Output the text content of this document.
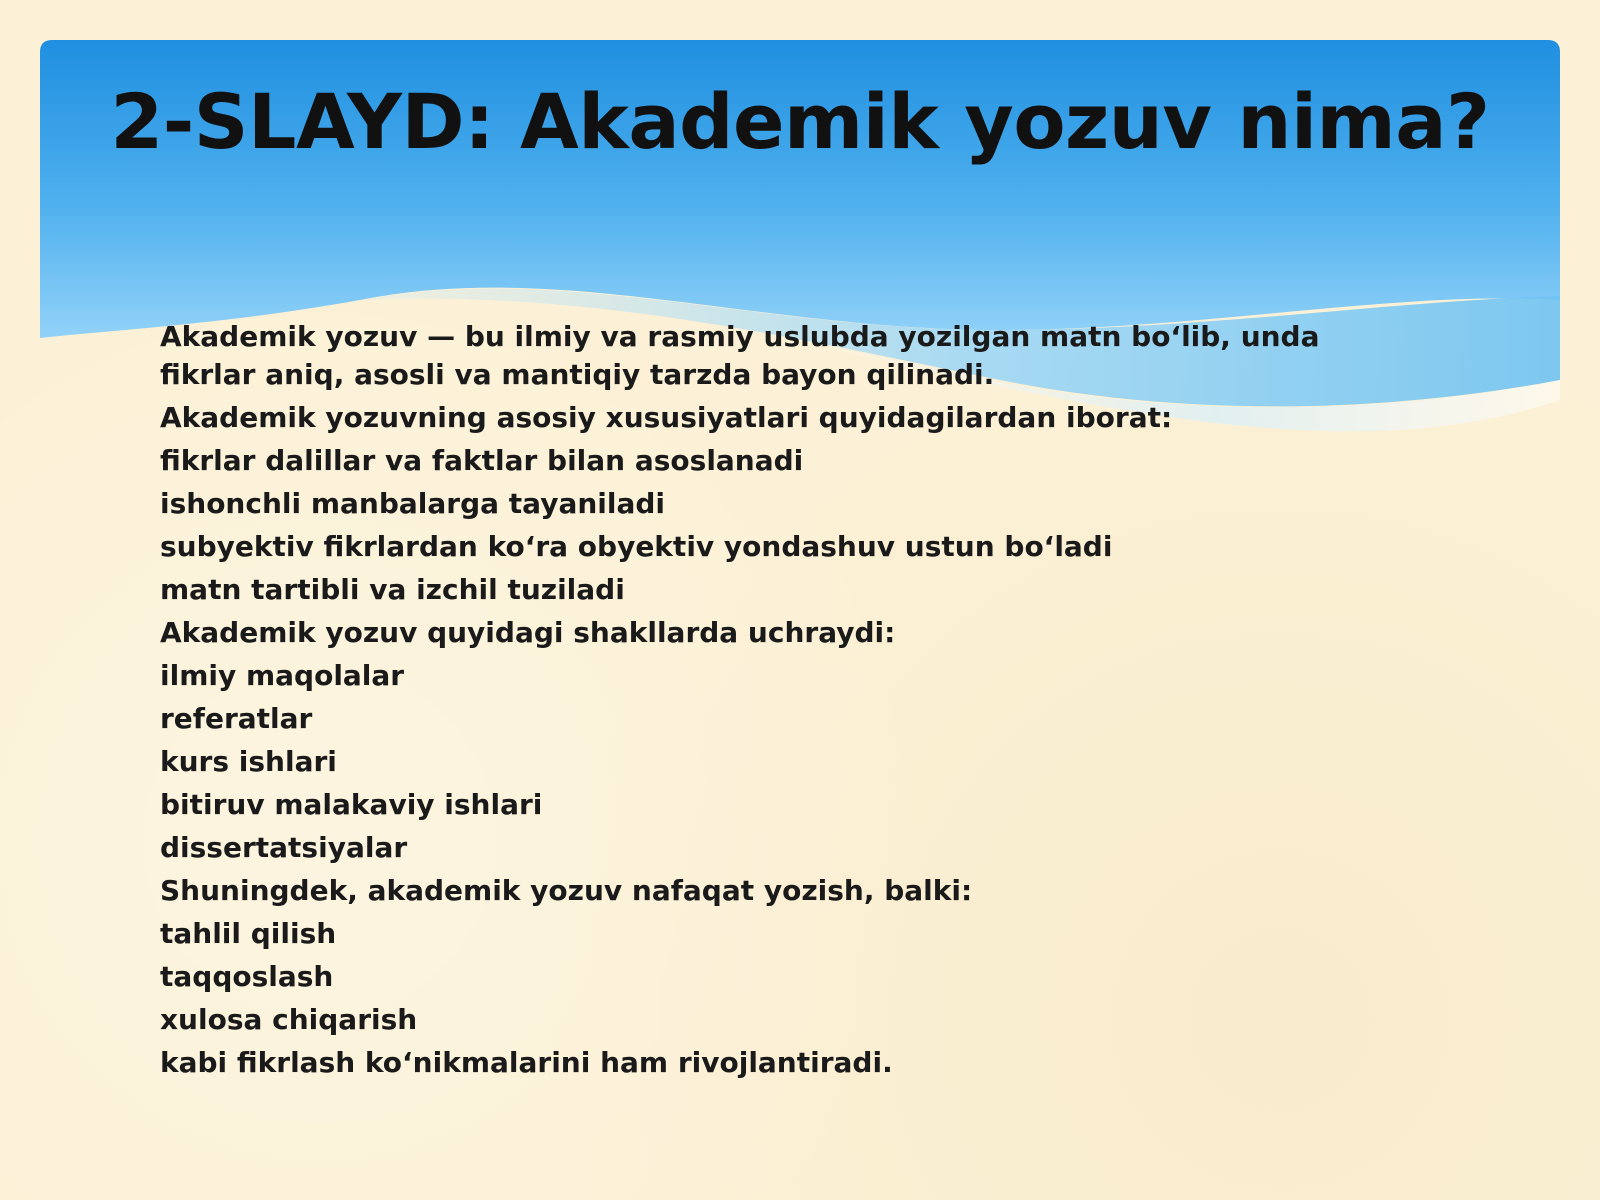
2-SLAYD: Akademik yozuv nima?
Akademik yozuv — bu ilmiy va rasmiy uslubda yozilgan matn bo‘lib, unda fikrlar aniq, asosli va mantiqiy tarzda bayon qilinadi.
Akademik yozuvning asosiy xususiyatlari quyidagilardan iborat:
fikrlar dalillar va faktlar bilan asoslanadi
ishonchli manbalarga tayaniladi
subyektiv fikrlardan ko‘ra obyektiv yondashuv ustun bo‘ladi
matn tartibli va izchil tuziladi
Akademik yozuv quyidagi shakllarda uchraydi:
ilmiy maqolalar
referatlar
kurs ishlari
bitiruv malakaviy ishlari
dissertatsiyalar
Shuningdek, akademik yozuv nafaqat yozish, balki:
tahlil qilish
taqqoslash
xulosa chiqarish
kabi fikrlash ko‘nikmalarini ham rivojlantiradi.
